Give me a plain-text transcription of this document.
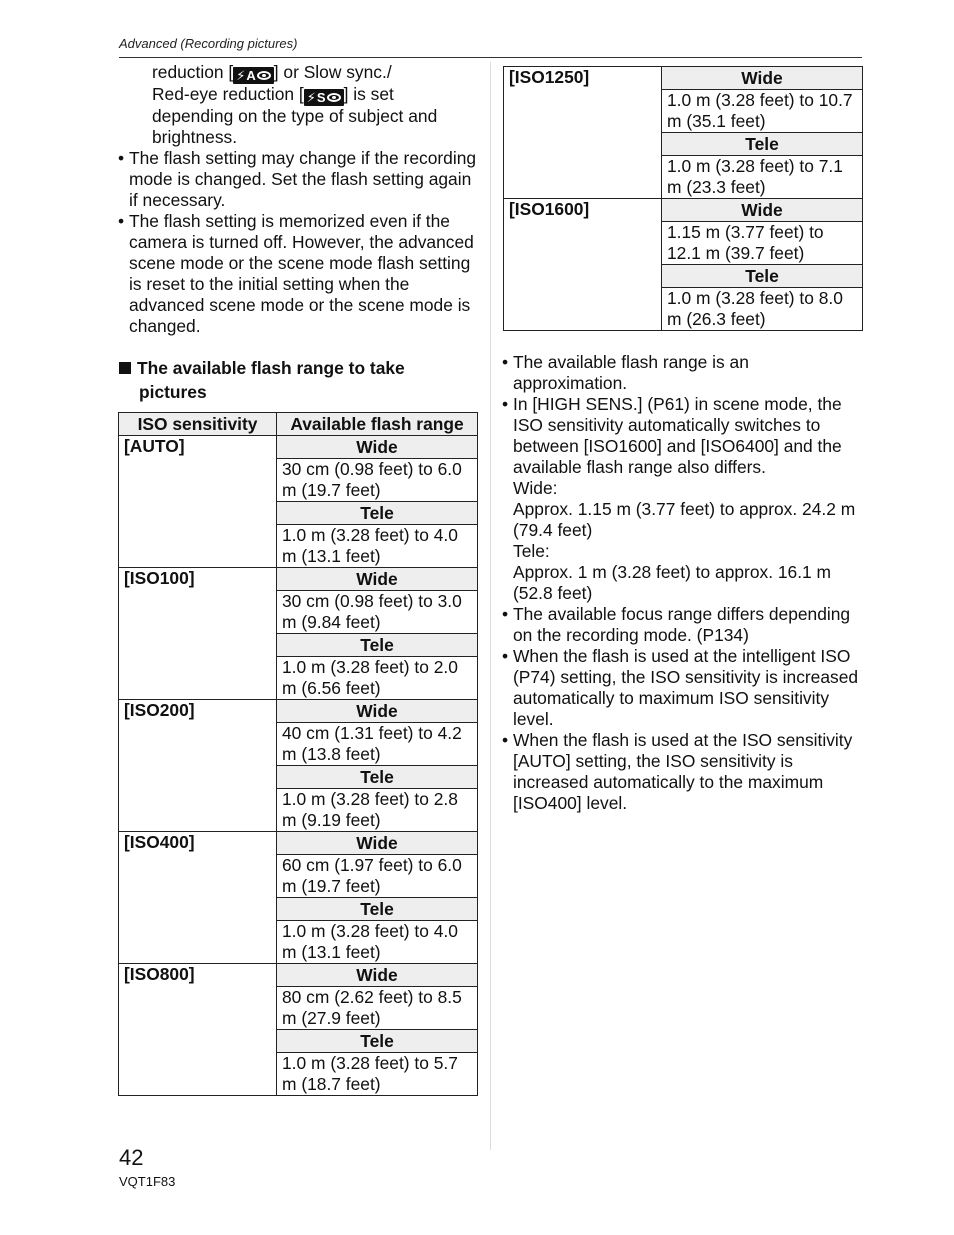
Advanced (Recording pictures)
reduction [ ⚡ A ] or Slow sync./
Red-eye reduction [ ⚡ S ] is set
depending on the type of subject and brightness.
• The flash setting may change if the recording mode is changed. Set the flash setting again if necessary.
• The flash setting is memorized even if the camera is turned off. However, the advanced scene mode or the scene mode flash setting is reset to the initial setting when the advanced scene mode or the scene mode is changed.
The available flash range to take
pictures
ISO sensitivity	Available flash range
[AUTO]	Wide
	30 cm (0.98 feet) to 6.0 m (19.7 feet)
	Tele
	1.0 m (3.28 feet) to 4.0 m (13.1 feet)
[ISO100]	Wide
	30 cm (0.98 feet) to 3.0 m (9.84 feet)
	Tele
	1.0 m (3.28 feet) to 2.0 m (6.56 feet)
[ISO200]	Wide
	40 cm (1.31 feet) to 4.2 m (13.8 feet)
	Tele
	1.0 m (3.28 feet) to 2.8 m (9.19 feet)
[ISO400]	Wide
	60 cm (1.97 feet) to 6.0 m (19.7 feet)
	Tele
	1.0 m (3.28 feet) to 4.0 m (13.1 feet)
[ISO800]	Wide
	80 cm (2.62 feet) to 8.5 m (27.9 feet)
	Tele
	1.0 m (3.28 feet) to 5.7 m (18.7 feet)
[ISO1250]	Wide
	1.0 m (3.28 feet) to 10.7 m (35.1 feet)
	Tele
	1.0 m (3.28 feet) to 7.1 m (23.3 feet)
[ISO1600]	Wide
	1.15 m (3.77 feet) to 12.1 m (39.7 feet)
	Tele
	1.0 m (3.28 feet) to 8.0 m (26.3 feet)
• The available flash range is an approximation.
• In [HIGH SENS.] (P61) in scene mode, the ISO sensitivity automatically switches to between [ISO1600] and [ISO6400] and the available flash range also differs.
Wide:
Approx. 1.15 m (3.77 feet) to approx. 24.2 m (79.4 feet)
Tele:
Approx. 1 m (3.28 feet) to approx. 16.1 m (52.8 feet)
• The available focus range differs depending on the recording mode. (P134)
• When the flash is used at the intelligent ISO (P74) setting, the ISO sensitivity is increased automatically to maximum ISO sensitivity level.
• When the flash is used at the ISO sensitivity [AUTO] setting, the ISO sensitivity is increased automatically to the maximum [ISO400] level.
42
VQT1F83
